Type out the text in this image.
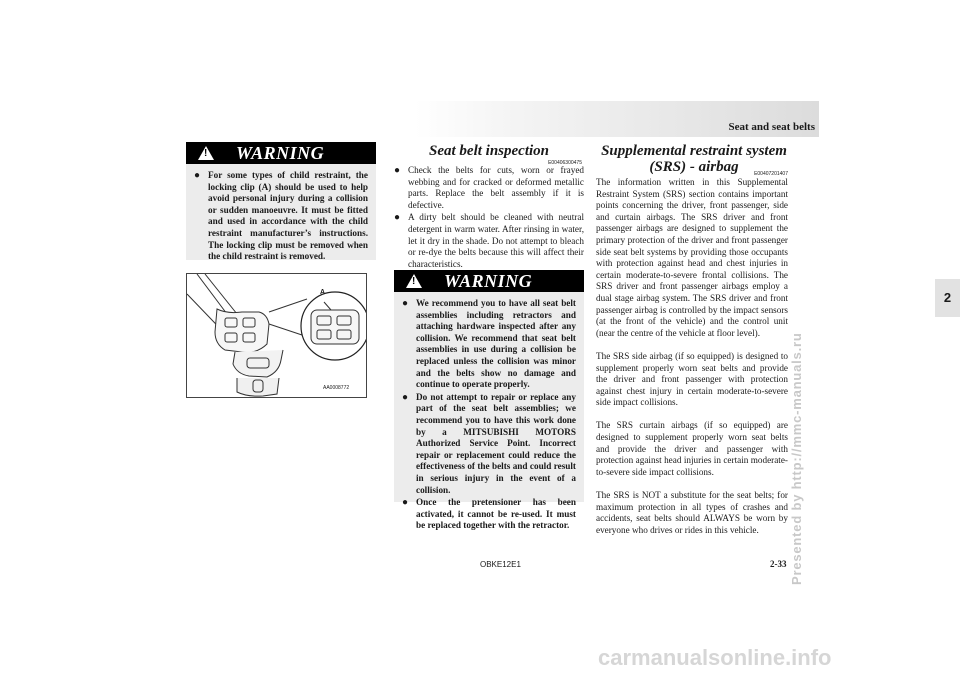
Seat and seat belts
2
! WARNING
● For some types of child restraint, the locking clip (A) should be used to help avoid personal injury during a collision or sudden manoeuvre. It must be fitted and used in accordance with the child restraint manufacturer’s instructions. The locking clip must be removed when the child restraint is removed.
A
AA0008772
Seat belt inspection
E00406300475
● Check the belts for cuts, worn or frayed webbing and for cracked or deformed metallic parts. Replace the belt assembly if it is defective.
● A dirty belt should be cleaned with neutral detergent in warm water. After rinsing in water, let it dry in the shade. Do not attempt to bleach or re-dye the belts because this will affect their characteristics.
! WARNING
● We recommend you to have all seat belt assemblies including retractors and attaching hardware inspected after any collision. We recommend that seat belt assemblies in use during a collision be replaced unless the collision was minor and the belts show no damage and continue to operate properly.
● Do not attempt to repair or replace any part of the seat belt assemblies; we recommend you to have this work done by a MITSUBISHI MOTORS Authorized Service Point. Incorrect repair or replacement could reduce the effectiveness of the belts and could result in serious injury in the event of a collision.
● Once the pretensioner has been activated, it cannot be re-used. It must be replaced together with the retractor.
Supplemental restraint system
(SRS) - airbag	E00407201407

The information written in this Supplemental Restraint System (SRS) section contains important points concerning the driver, front passenger, side and curtain airbags. The SRS driver and front passenger airbags are designed to supplement the primary protection of the driver and front passenger side seat belt systems by providing those occupants with protection against head and chest injuries in certain moderate-to-severe frontal collisions. The SRS driver and front passenger airbags employ a dual stage airbag system. The SRS driver and front passenger airbag is controlled by the impact sensors (at the front of the vehicle) and the control unit (near the centre of the vehicle at floor level).

The SRS side airbag (if so equipped) is designed to supplement properly worn seat belts and provide the driver and front passenger with protection against chest injury in certain moderate-to-severe side impact collisions.

The SRS curtain airbags (if so equipped) are designed to supplement properly worn seat belts and provide the driver and passenger with protection against head injuries in certain moderate-to-severe side impact collisions.

The SRS is NOT a substitute for the seat belts; for maximum protection in all types of crashes and accidents, seat belts should ALWAYS be worn by everyone who drives or rides in this vehicle.

OBKE12E1	2-33 Presented by http://mmc-manuals.ru
carmanualsonline.info
